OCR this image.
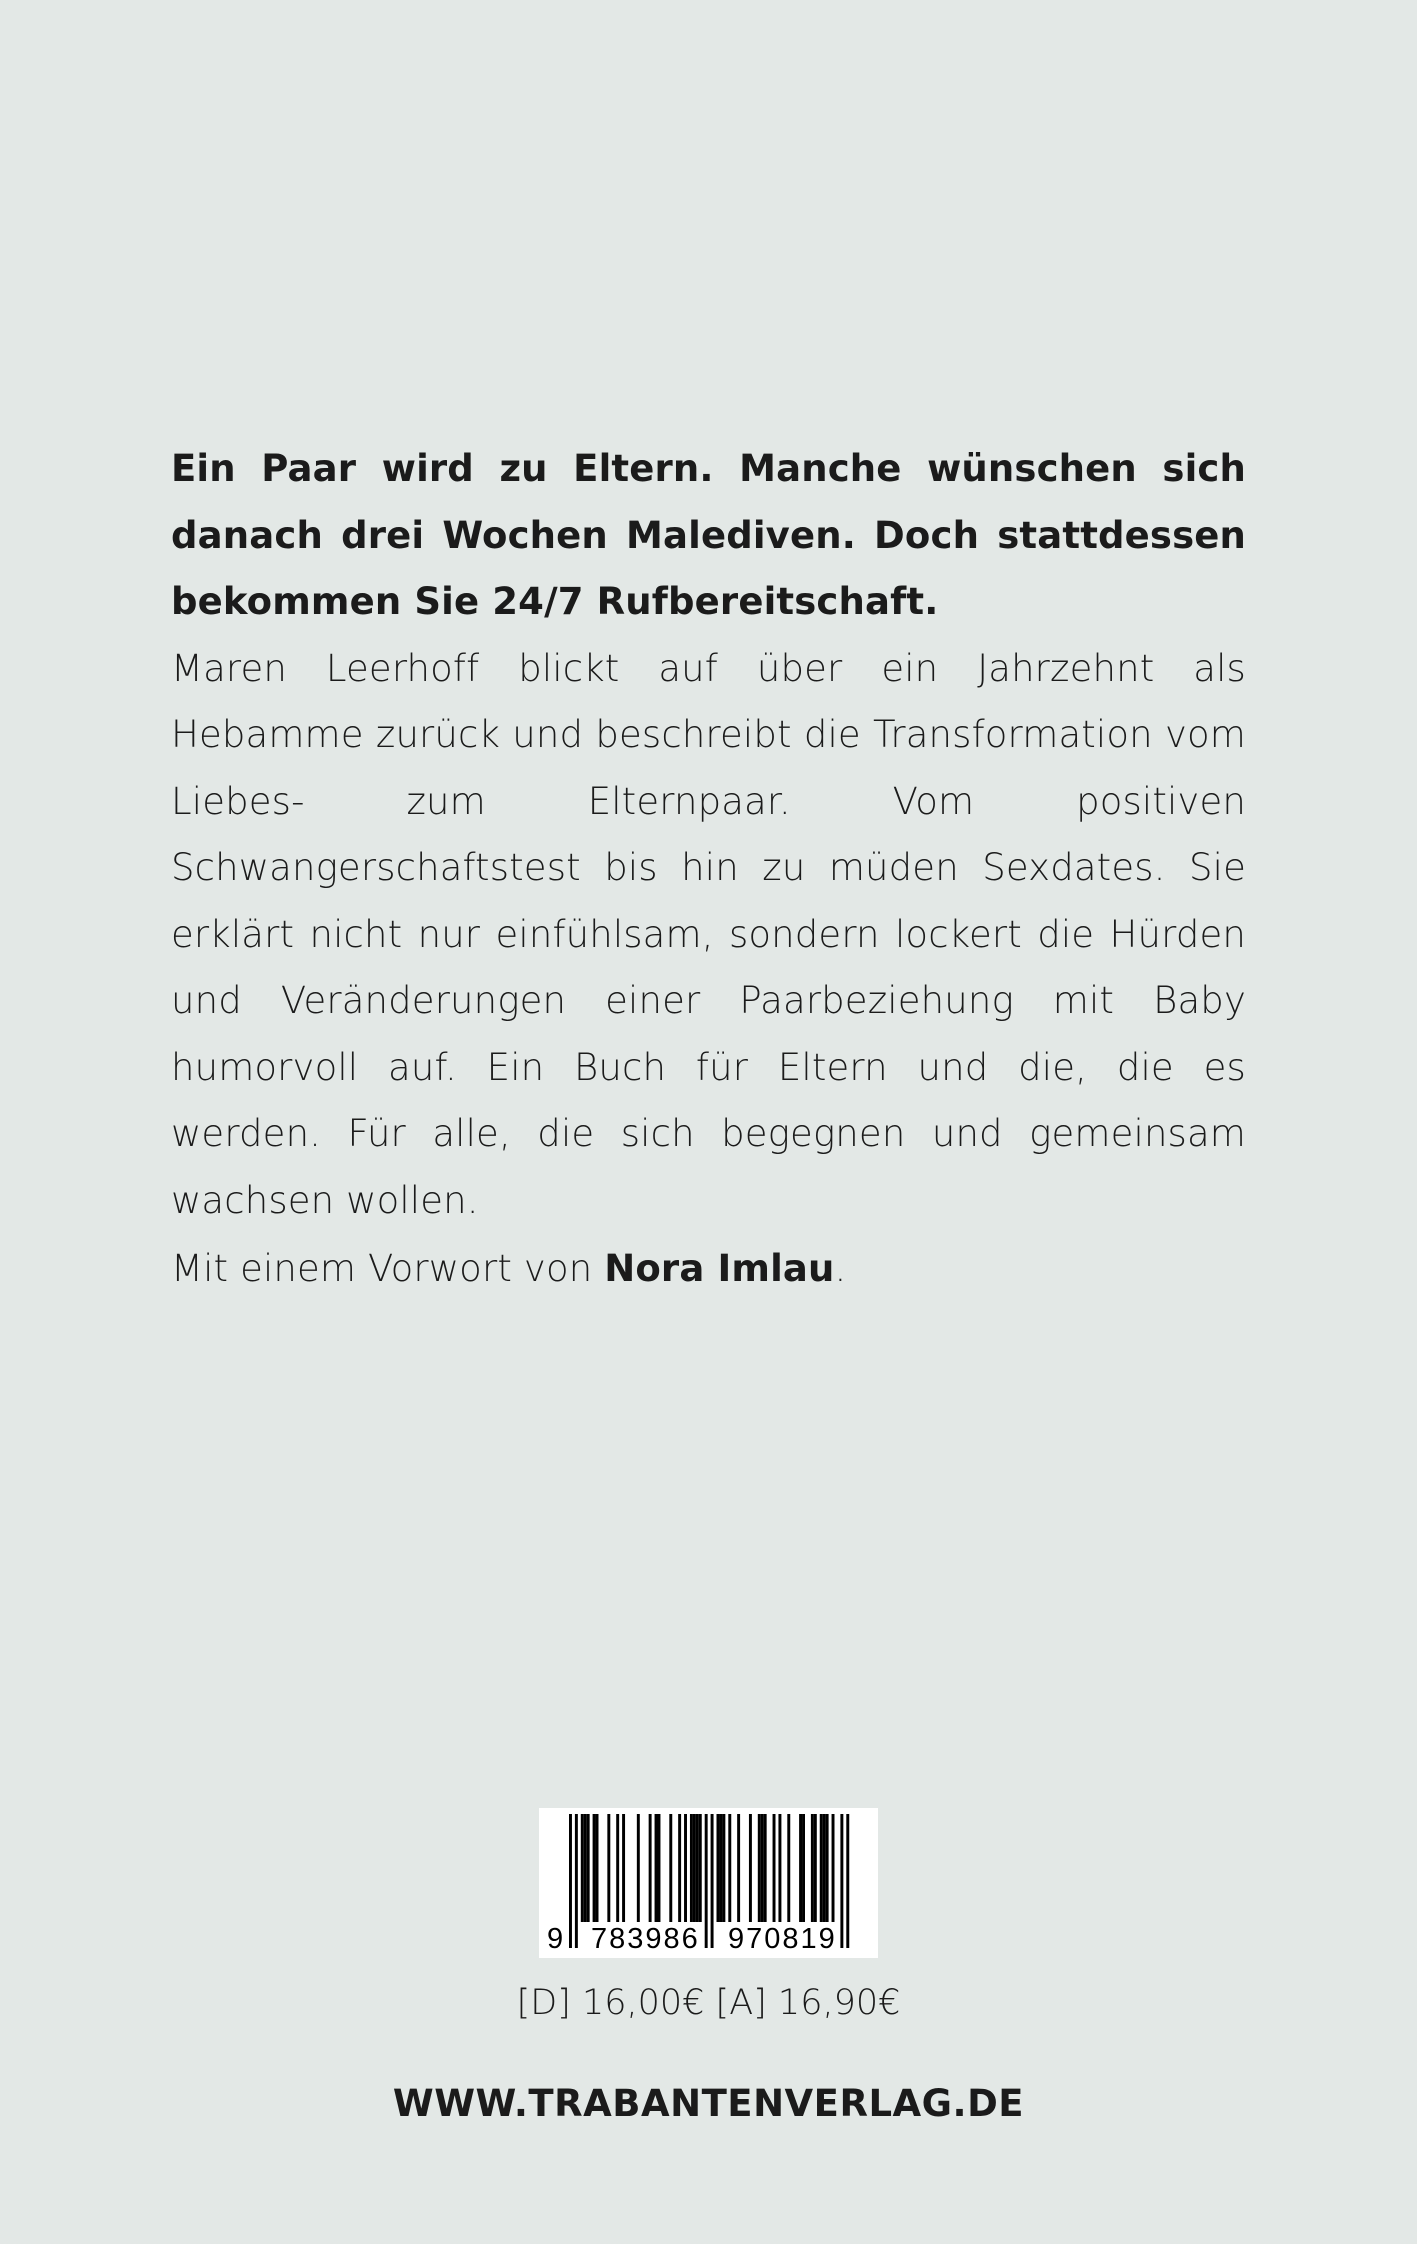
Ein Paar wird zu Eltern. Manche wünschen sich danach drei Wochen Malediven. Doch stattdessen bekommen Sie 24/7 Rufbereitschaft.

Maren Leerhoff blickt auf über ein Jahrzehnt als Hebamme zurück und beschreibt die Transformation vom Liebes- zum Elternpaar. Vom positiven Schwangerschaftstest bis hin zu müden Sexdates. Sie erklärt nicht nur einfühlsam, sondern lockert die Hürden und Veränderungen einer Paarbeziehung mit Baby humorvoll auf. Ein Buch für Eltern und die, die es werden. Für alle, die sich begegnen und gemeinsam wachsen wollen.

Mit einem Vorwort von Nora Imlau.
9 783986 970819
[D] 16,00€ [A] 16,90€
WWW.TRABANTENVERLAG.DE
